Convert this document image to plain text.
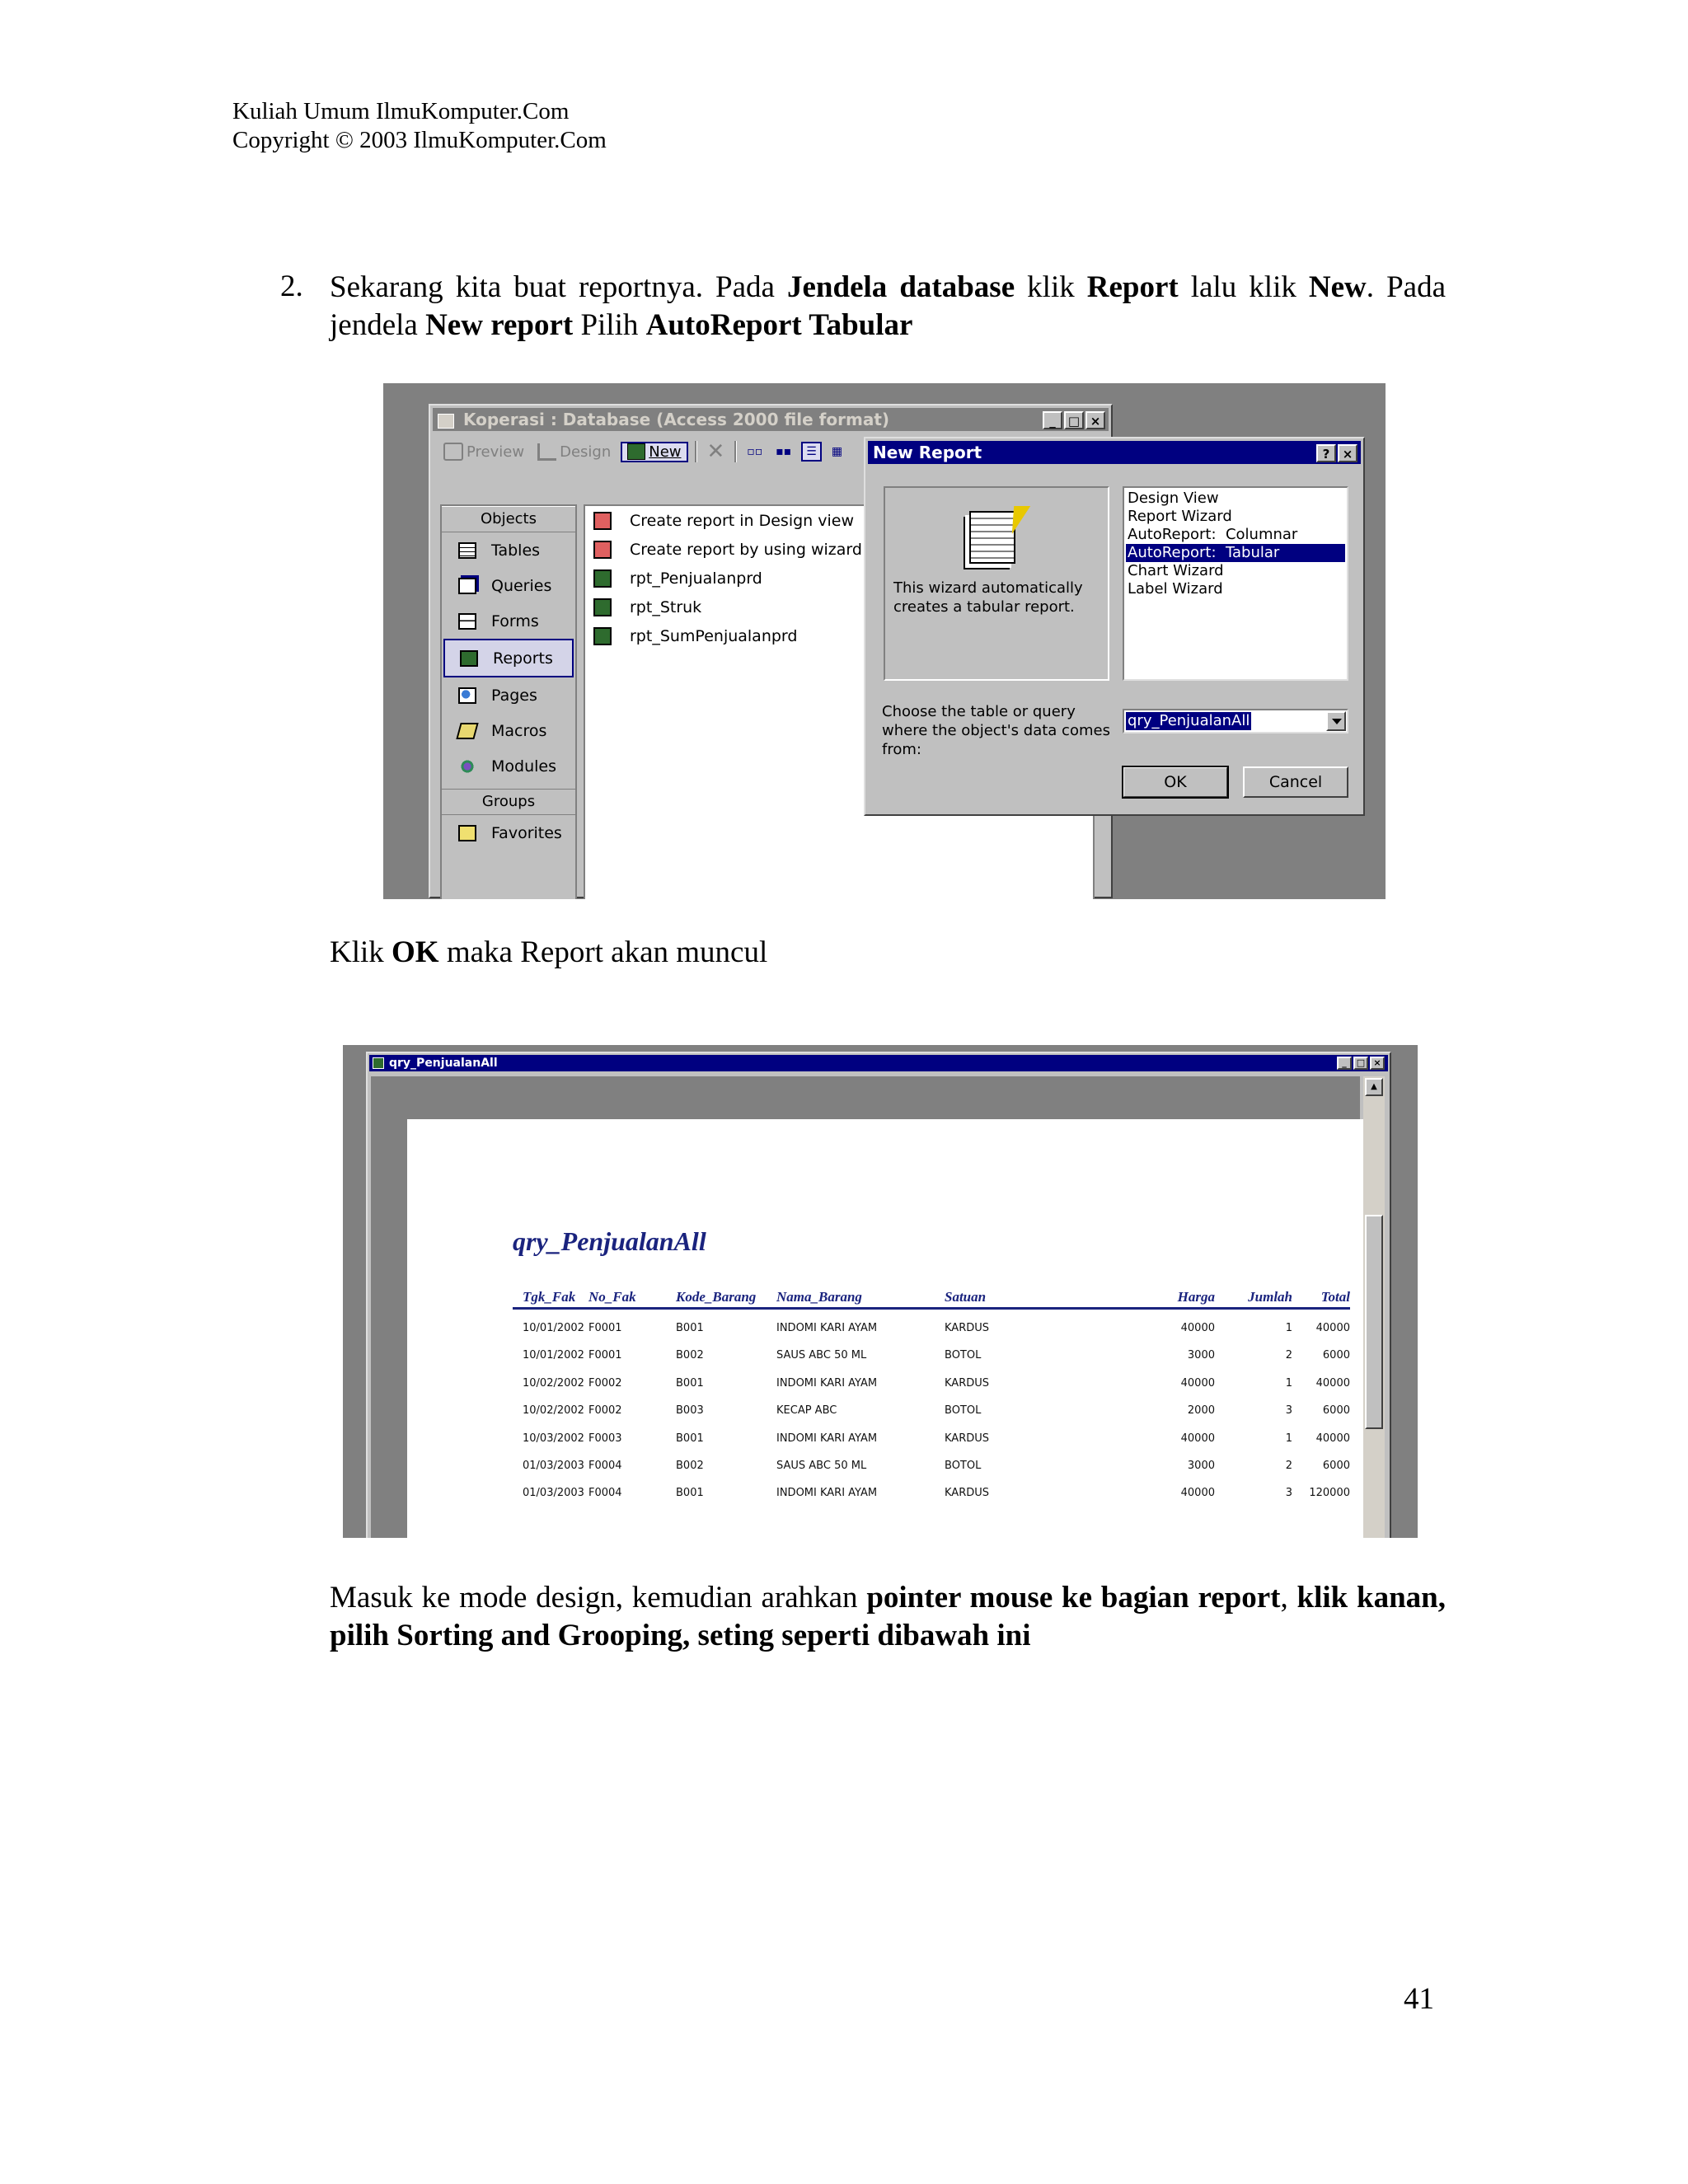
Kuliah Umum IlmuKomputer.Com
Copyright © 2003 IlmuKomputer.Com
2. Sekarang kita buat reportnya. Pada Jendela database klik Report lalu klik New. Pada jendela New report Pilih AutoReport Tabular
Koperasi : Database (Access 2000 file format)	_	□ ×
Preview Design	New ✕ ▫▫ ▪▪	☰	▦
Objects
Tables
Queries
Forms
Reports
Pages
Macros
Modules
Groups
Favorites
Create report in Design view
Create report by using wizard
rpt_Penjualanprd
rpt_Struk
rpt_SumPenjualanprd
New Report	?	×
This wizard automatically creates a tabular report.
Design View
Report Wizard
AutoReport:  Columnar
AutoReport:  Tabular
Chart Wizard
Label Wizard
Choose the table or query where the object's data comes from:
qry_PenjualanAll
OK	Cancel
Klik OK maka Report akan muncul
qry_PenjualanAll	_	□ ×
qry_PenjualanAll
Tgk_Fak No_Fak	Kode_Barang Nama_Barang	Satuan	Harga	Jumlah	Total
10/01/2002 F0001	B001	INDOMI KARI AYAM	KARDUS	40000	1	40000
10/01/2002 F0001	B002	SAUS ABC 50 ML	BOTOL	3000	2	6000
10/02/2002 F0002	B001	INDOMI KARI AYAM	KARDUS	40000	1	40000
10/02/2002 F0002	B003	KECAP ABC	BOTOL	2000	3	6000
10/03/2002 F0003	B001	INDOMI KARI AYAM	KARDUS	40000	1	40000
01/03/2003 F0004	B002	SAUS ABC 50 ML	BOTOL	3000	2	6000
01/03/2003 F0004	B001	INDOMI KARI AYAM	KARDUS	40000	3	120000
▲
Masuk ke mode design, kemudian arahkan pointer mouse ke bagian report, klik kanan, pilih Sorting and Grooping, seting seperti dibawah ini
41
